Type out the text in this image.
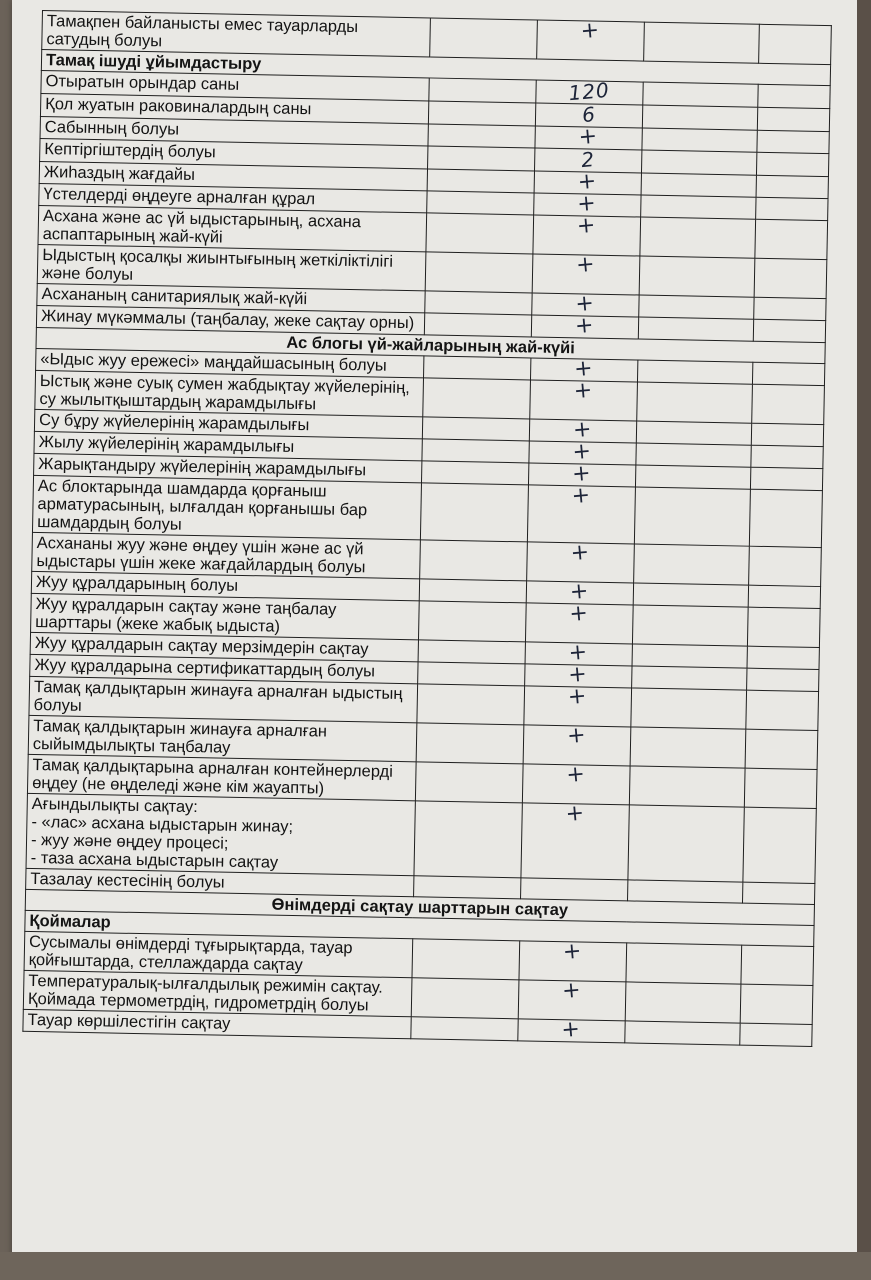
Тамақпен байланысты емес тауарларды сатудың болуы		+		
Тамақ ішуді ұйымдастыру				
Отыратын орындар саны		120		
Қол жуатын раковиналардың саны		6		
Сабынның болуы		+		
Кептіргіштердің болуы		2		
Жиһаздың жағдайы		+		
Үстелдерді өңдеуге арналған құрал		+		
Асхана және ас үй ыдыстарының, асхана аспаптарының жай-күйі		+		
Ыдыстың қосалқы жиынтығының жеткіліктілігі және болуы		+		
Асхананың санитариялық жай-күйі		+		
Жинау мүкәммалы (таңбалау, жеке сақтау орны)		+		
Ас блогы үй-жайларының жай-күйі				
«Ыдыс жуу ережесі» маңдайшасының болуы		+		
Ыстық және суық сумен жабдықтау жүйелерінің, су жылытқыштардың жарамдылығы		+		
Су бұру жүйелерінің жарамдылығы		+		
Жылу жүйелерінің жарамдылығы		+		
Жарықтандыру жүйелерінің жарамдылығы		+		
Ас блоктарында шамдарда қорғаныш арматурасының, ылғалдан қорғанышы бар шамдардың болуы		+		
Асхананы жуу және өңдеу үшін және ас үй ыдыстары үшін жеке жағдайлардың болуы		+		
Жуу құралдарының болуы		+		
Жуу құралдарын сақтау және таңбалау шарттары (жеке жабық ыдыста)		+		
Жуу құралдарын сақтау мерзімдерін сақтау		+		
Жуу құралдарына сертификаттардың болуы		+		
Тамақ қалдықтарын жинауға арналған ыдыстың болуы		+		
Тамақ қалдықтарын жинауға арналған сыйымдылықты таңбалау		+		
Тамақ қалдықтарына арналған контейнерлерді өңдеу (не өңделеді және кім жауапты)		+		
Ағындылықты сақтау:
- «лас» асхана ыдыстарын жинау;
- жуу және өңдеу процесі;
- таза асхана ыдыстарын сақтау		+		
Тазалау кестесінің болуы				
Өнімдерді сақтау шарттарын сақтау				
Қоймалар				
Сусымалы өнімдерді тұғырықтарда, тауар қойғыштарда, стеллаждарда сақтау		+		
Температуралық-ылғалдылық режимін сақтау. Қоймада термометрдің, гидрометрдің болуы		+		
Тауар көршілестігін сақтау		+		
